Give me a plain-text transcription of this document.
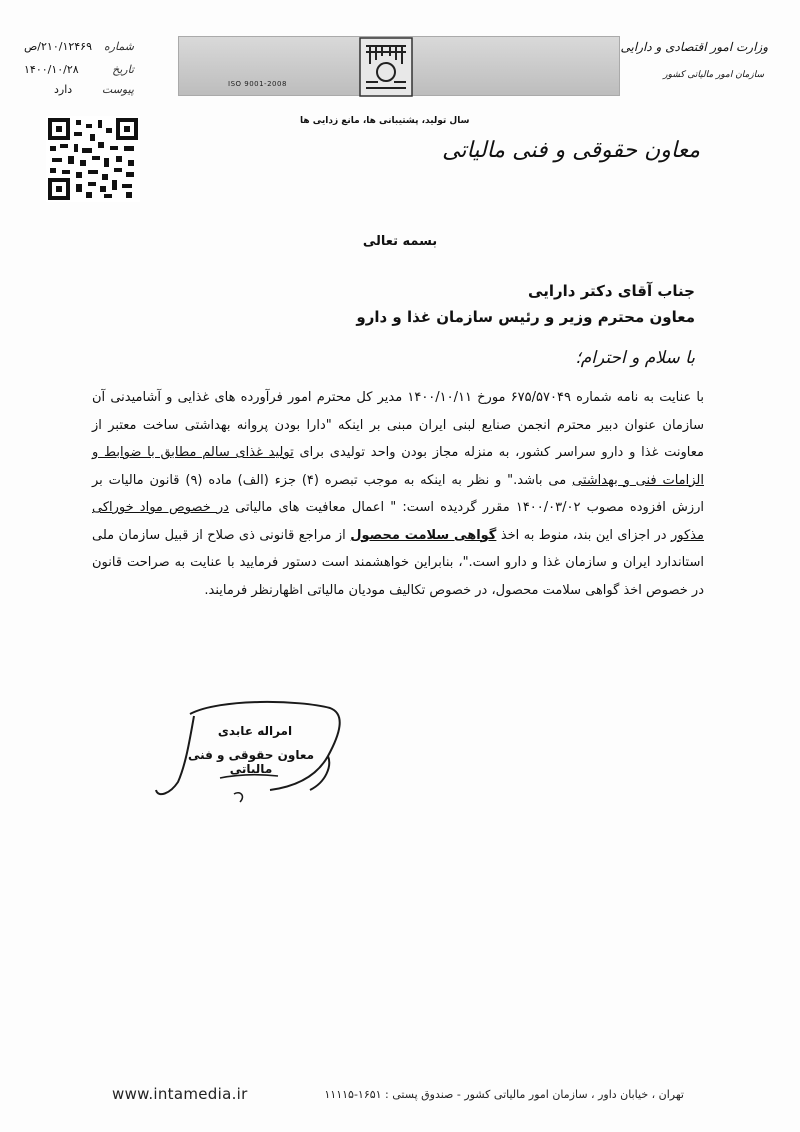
ISO 9001-2008
وزارت امور اقتصادی و دارایی
سازمان امور مالیاتی کشور
شماره
۲۱۰/۱۲۴۶۹/ص
تاریخ
۱۴۰۰/۱۰/۲۸
پیوست
دارد
سال تولید، پشتیبانی ها، مانع زدایی ها
معاون حقوقی و فنی مالیاتی
بسمه تعالی
جناب آقای دکتر دارایی
معاون محترم وزیر و رئیس سازمان غذا و دارو
با سلام و احترام؛

با عنایت به نامه شماره ۶۷۵/۵۷۰۴۹ مورخ ۱۴۰۰/۱۰/۱۱ مدیر کل محترم امور فرآورده های غذایی و آشامیدنی آن سازمان عنوان دبیر محترم انجمن صنایع لبنی ایران مبنی بر اینکه "دارا بودن پروانه بهداشتی ساخت معتبر از معاونت غذا و دارو سراسر کشور، به منزله مجاز بودن واحد تولیدی برای تولید غذای سالم مطابق با ضوابط و الزامات فنی و بهداشتی می باشد." و نظر به اینکه به موجب تبصره (۴) جزء (الف) ماده (۹) قانون مالیات بر ارزش افزوده مصوب ۱۴۰۰/۰۳/۰۲ مقرر گردیده است: " اعمال معافیت های مالیاتی در خصوص مواد خوراکی مذکور در اجزای این بند، منوط به اخذ گواهی سلامت محصول از مراجع قانونی ذی صلاح از قبیل سازمان ملی استاندارد ایران و سازمان غذا و دارو است."، بنابراین خواهشمند است دستور فرمایید با عنایت به صراحت قانون در خصوص اخذ گواهی سلامت محصول، در خصوص تکالیف مودیان مالیاتی اظهارنظر فرمایند.

امراله عابدی
معاون حقوقی و فنی مالیاتی
تهران ، خیابان داور ، سازمان امور مالیاتی کشور - صندوق پستی : ۱۶۵۱-۱۱۱۱۵
www.intamedia.ir
